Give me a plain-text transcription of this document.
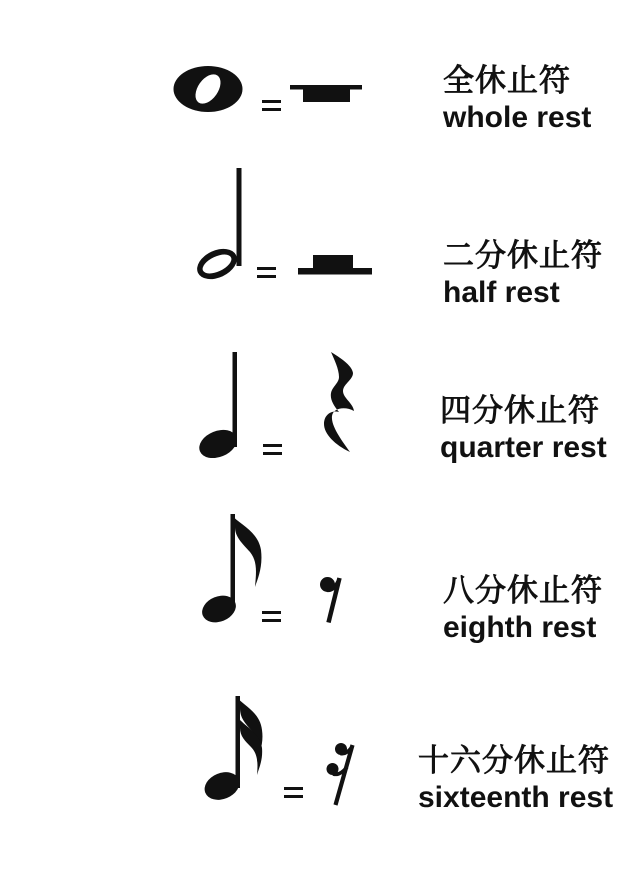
全休止符
whole rest
二分休止符
half rest
四分休止符
quarter rest
八分休止符
eighth rest
十六分休止符
sixteenth rest
